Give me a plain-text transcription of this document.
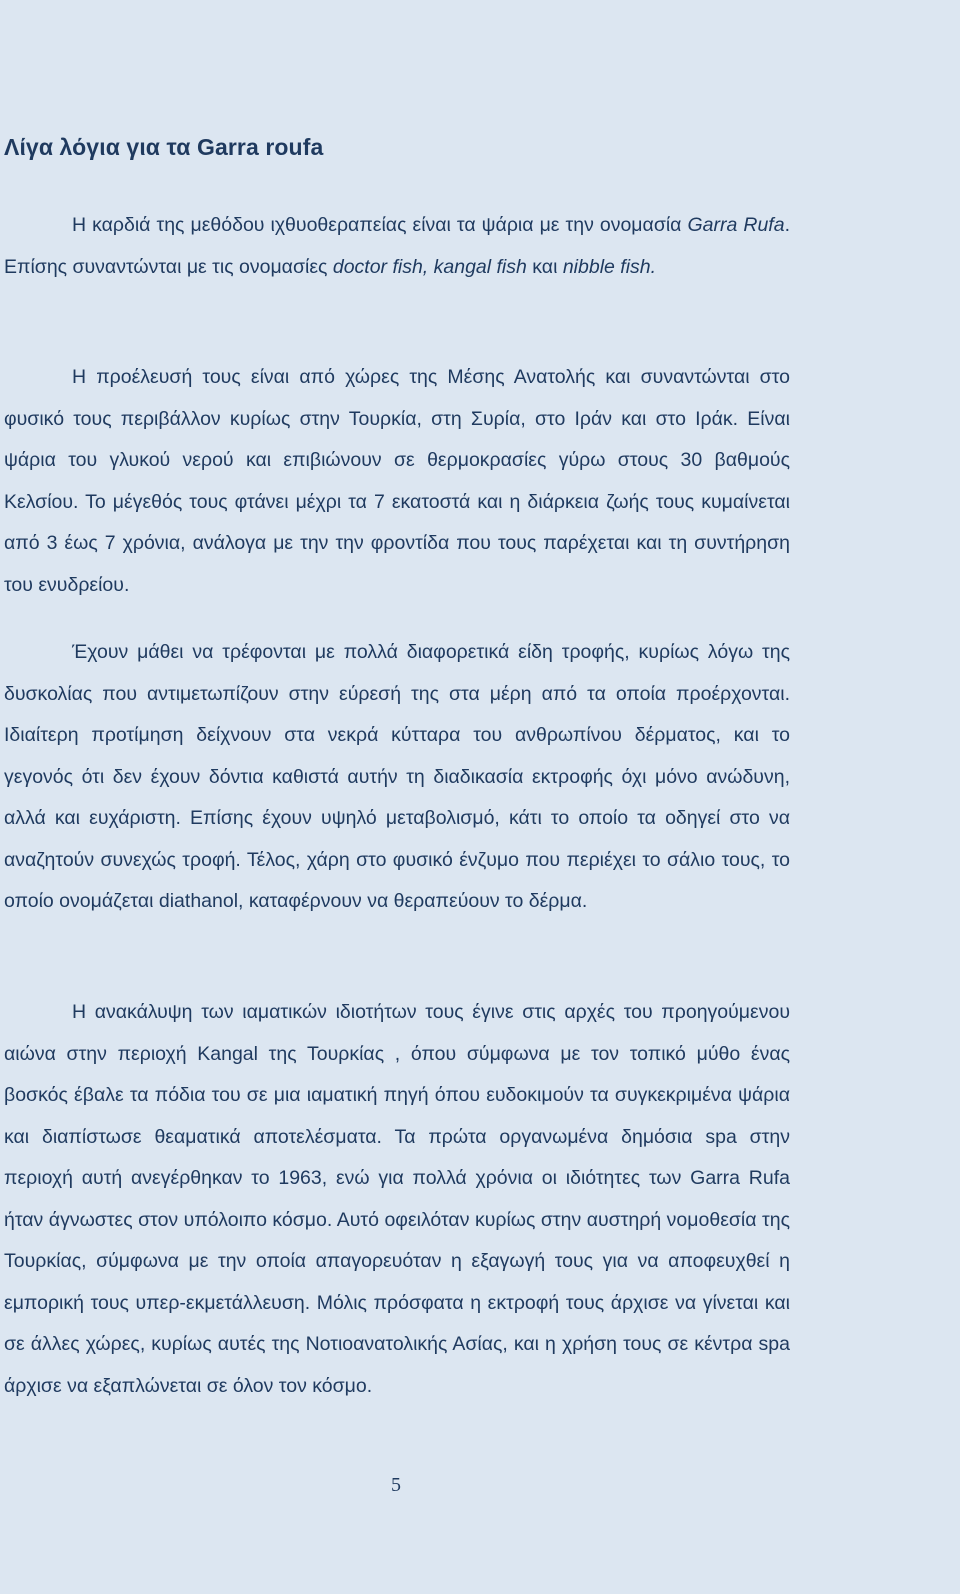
Λίγα λόγια για τα Garra roufa

Η καρδιά της μεθόδου ιχθυοθεραπείας είναι τα ψάρια με την ονομασία Garra Rufa. Επίσης συναντώνται με τις ονομασίες doctor fish, kangal fish και nibble fish.

Η προέλευσή τους είναι από χώρες της Μέσης Ανατολής και συναντώνται στο φυσικό τους περιβάλλον κυρίως στην Τουρκία, στη Συρία, στο Ιράν και στο Ιράκ. Είναι ψάρια του γλυκού νερού και επιβιώνουν σε θερμοκρασίες γύρω στους 30 βαθμούς Κελσίου. Το μέγεθός τους φτάνει μέχρι τα 7 εκατοστά και η διάρκεια ζωής τους κυμαίνεται από 3 έως 7 χρόνια, ανάλογα με την την φροντίδα που τους παρέχεται και τη συντήρηση του ενυδρείου.

Έχουν μάθει να τρέφονται με πολλά διαφορετικά είδη τροφής, κυρίως λόγω της δυσκολίας που αντιμετωπίζουν στην εύρεσή της στα μέρη από τα οποία προέρχονται. Ιδιαίτερη προτίμηση δείχνουν στα νεκρά κύτταρα του ανθρωπίνου δέρματος, και το γεγονός ότι δεν έχουν δόντια καθιστά αυτήν τη διαδικασία εκτροφής όχι μόνο ανώδυνη, αλλά και ευχάριστη. Επίσης έχουν υψηλό μεταβολισμό, κάτι το οποίο τα οδηγεί στο να αναζητούν συνεχώς τροφή. Τέλος, χάρη στο φυσικό ένζυμο που περιέχει το σάλιο τους, το οποίο ονομάζεται diathanol, καταφέρνουν να θεραπεύουν το δέρμα.

Η ανακάλυψη των ιαματικών ιδιοτήτων τους έγινε στις αρχές του προηγούμενου αιώνα στην περιοχή Kangal της Τουρκίας , όπου σύμφωνα με τον τοπικό μύθο ένας βοσκός έβαλε τα πόδια του σε μια ιαματική πηγή όπου ευδοκιμούν τα συγκεκριμένα ψάρια και διαπίστωσε θεαματικά αποτελέσματα. Τα πρώτα οργανωμένα δημόσια spa στην περιοχή αυτή ανεγέρθηκαν το 1963, ενώ για πολλά χρόνια οι ιδιότητες των Garra Rufa ήταν άγνωστες στον υπόλοιπο κόσμο. Αυτό οφειλόταν κυρίως στην αυστηρή νομοθεσία της Τουρκίας, σύμφωνα με την οποία απαγορευόταν η εξαγωγή τους για να αποφευχθεί η εμπορική τους υπερ-εκμετάλλευση. Μόλις πρόσφατα η εκτροφή τους άρχισε να γίνεται και σε άλλες χώρες, κυρίως αυτές της Νοτιοανατολικής Ασίας, και η χρήση τους σε κέντρα spa άρχισε να εξαπλώνεται σε όλον τον κόσμο.

5
